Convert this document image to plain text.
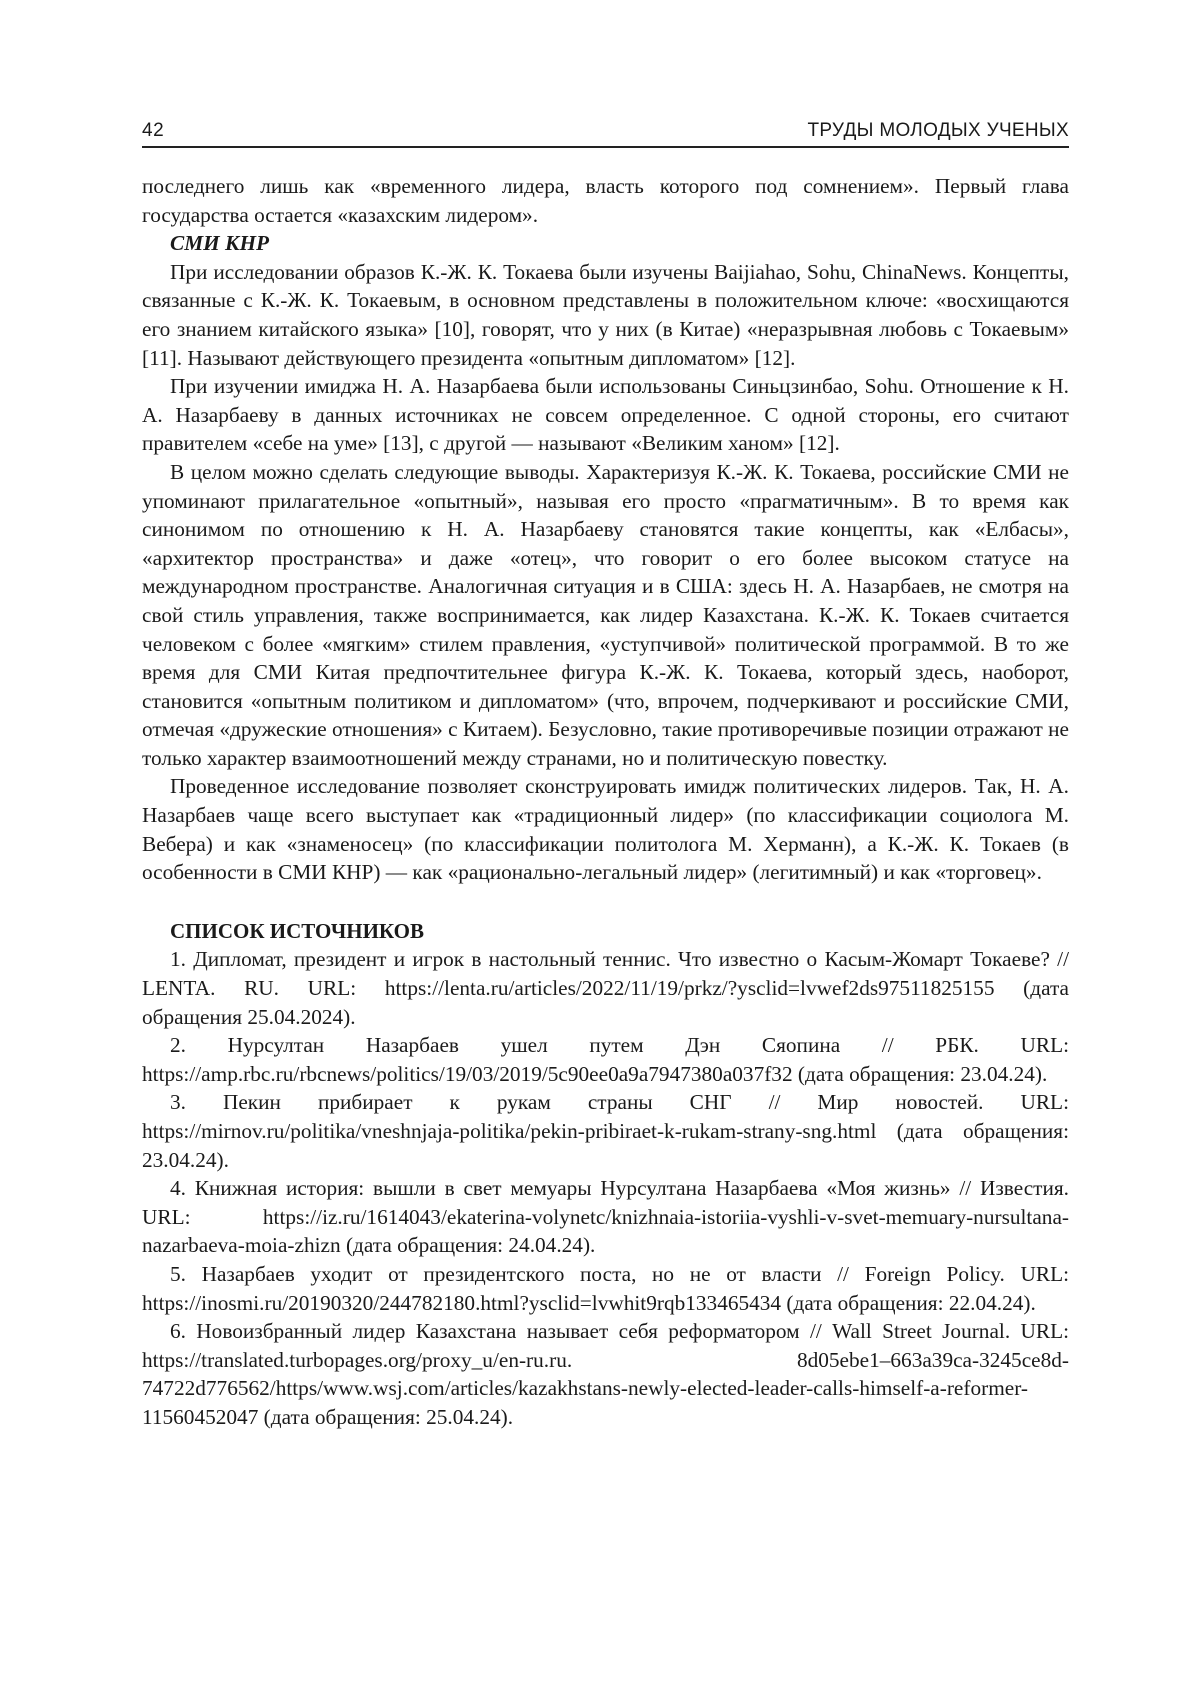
42	ТРУДЫ МОЛОДЫХ УЧЕНЫХ

последнего лишь как «временного лидера, власть которого под сомнением». Первый глава государства остается «казахским лидером».

СМИ КНР

При исследовании образов К.-Ж. К. Токаева были изучены Baijiahao, Sohu, ChinaNews. Концепты, связанные с К.-Ж. К. Токаевым, в основном представлены в положительном ключе: «восхищаются его знанием китайского языка» [10], говорят, что у них (в Китае) «неразрывная любовь с Токаевым» [11]. Называют действующего президента «опытным дипломатом» [12].

При изучении имиджа Н. А. Назарбаева были использованы Синьцзинбао, Sohu. Отношение к Н. А. Назарбаеву в данных источниках не совсем определенное. С одной стороны, его считают правителем «себе на уме» [13], с другой — называют «Великим ханом» [12].

В целом можно сделать следующие выводы. Характеризуя К.-Ж. К. Токаева, российские СМИ не упоминают прилагательное «опытный», называя его просто «прагматичным». В то время как синонимом по отношению к Н. А. Назарбаеву становятся такие концепты, как «Елбасы», «архитектор пространства» и даже «отец», что говорит о его более высоком статусе на международном пространстве. Аналогичная ситуация и в США: здесь Н. А. Назарбаев, не смотря на свой стиль управления, также воспринимается, как лидер Казахстана. К.-Ж. К. Токаев считается человеком с более «мягким» стилем правления, «уступчивой» политической программой. В то же время для СМИ Китая предпочтительнее фигура К.-Ж. К. Токаева, который здесь, наоборот, становится «опытным политиком и дипломатом» (что, впрочем, подчеркивают и российские СМИ, отмечая «дружеские отношения» с Китаем). Безусловно, такие противоречивые позиции отражают не только характер взаимоотношений между странами, но и политическую повестку.

Проведенное исследование позволяет сконструировать имидж политических лидеров. Так, Н. А. Назарбаев чаще всего выступает как «традиционный лидер» (по классификации социолога М. Вебера) и как «знаменосец» (по классификации политолога М. Херманн), а К.-Ж. К. Токаев (в особенности в СМИ КНР) — как «рационально-легальный лидер» (легитимный) и как «торговец».

СПИСОК ИСТОЧНИКОВ

1. Дипломат, президент и игрок в настольный теннис. Что известно о Касым-Жомарт Токаеве? // LENTA. RU. URL: https://lenta.ru/articles/2022/11/19/prkz/?ysclid=lvwef2ds97511825155 (дата обращения 25.04.2024).

2. Нурсултан Назарбаев ушел путем Дэн Сяопина // РБК. URL: https://amp.rbc.ru/rbcnews/politics/19/03/2019/5c90ee0a9a7947380a037f32 (дата обращения: 23.04.24).

3. Пекин прибирает к рукам страны СНГ // Мир новостей. URL: https://mirnov.ru/politika/vneshnjaja-politika/pekin-pribiraet-k-rukam-strany-sng.html (дата обращения: 23.04.24).

4. Книжная история: вышли в свет мемуары Нурсултана Назарбаева «Моя жизнь» // Известия. URL: https://iz.ru/1614043/ekaterina-volynetc/knizhnaia-istoriia-vyshli-v-svet-memuary-nursultana-nazarbaeva-moia-zhizn (дата обращения: 24.04.24).

5. Назарбаев уходит от президентского поста, но не от власти // Foreign Policy. URL: https://inosmi.ru/20190320/244782180.html?ysclid=lvwhit9rqb133465434 (дата обращения: 22.04.24).

6. Новоизбранный лидер Казахстана называет себя реформатором // Wall Street Journal. URL: https://translated.turbopages.org/proxy_u/en-ru.ru. 8d05ebe1–663a39ca-3245ce8d-74722d776562/https/www.wsj.com/articles/kazakhstans-newly-elected-leader-calls-himself-a-reformer-11560452047 (дата обращения: 25.04.24).
